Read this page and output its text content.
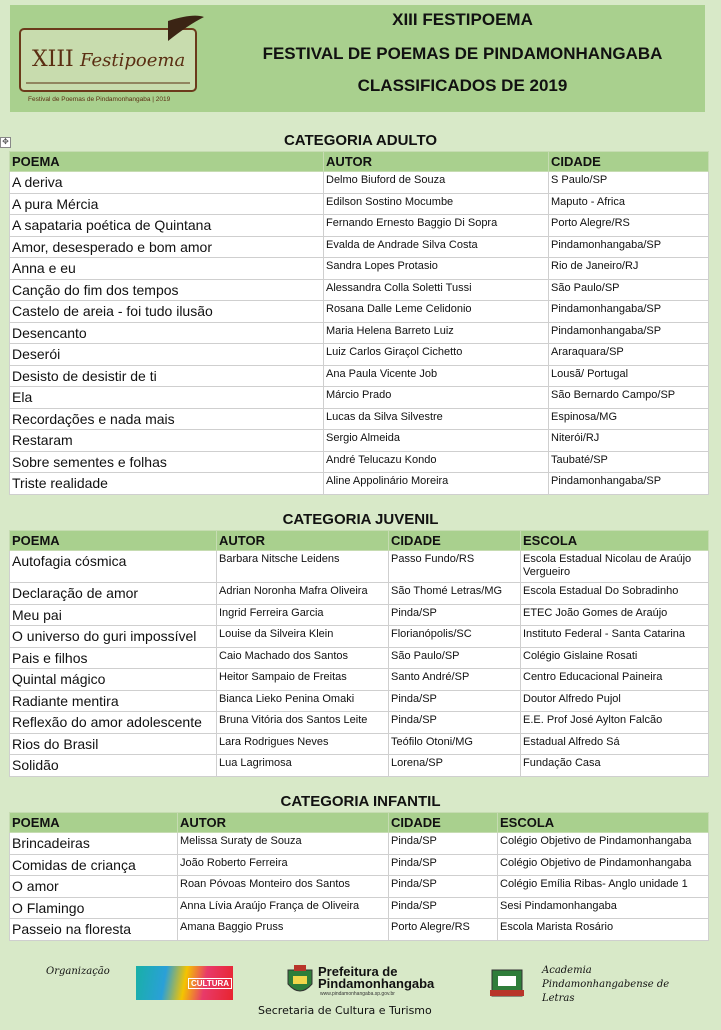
XIII Festipoema
Festival de Poemas de Pindamonhangaba | 2019
XIII FESTIPOEMA
FESTIVAL DE POEMAS DE PINDAMONHANGABA
CLASSIFICADOS DE 2019
✥	CATEGORIA ADULTO
POEMA	AUTOR	CIDADE
A deriva	Delmo Biuford de Souza	S Paulo/SP
A pura Mércia	Edilson Sostino Mocumbe	Maputo - Africa
A sapataria poética de Quintana	Fernando Ernesto Baggio Di Sopra	Porto Alegre/RS
Amor, desesperado e bom amor	Evalda de Andrade Silva Costa	Pindamonhangaba/SP
Anna e eu	Sandra Lopes Protasio	Rio de Janeiro/RJ
Canção do fim dos tempos	Alessandra Colla Soletti Tussi	São Paulo/SP
Castelo de areia - foi tudo ilusão	Rosana Dalle Leme Celidonio	Pindamonhangaba/SP
Desencanto	Maria Helena Barreto Luiz	Pindamonhangaba/SP
Deserói	Luiz Carlos Giraçol Cichetto	Araraquara/SP
Desisto de desistir de ti	Ana Paula Vicente Job	Lousã/ Portugal
Ela	Márcio Prado	São Bernardo Campo/SP
Recordações e nada mais	Lucas da Silva Silvestre	Espinosa/MG
Restaram	Sergio Almeida	Niterói/RJ
Sobre sementes e folhas	André Telucazu Kondo	Taubaté/SP
Triste realidade	Aline Appolinário Moreira	Pindamonhangaba/SP
CATEGORIA JUVENIL
POEMA	AUTOR	CIDADE	ESCOLA
Autofagia cósmica	Barbara Nitsche Leidens	Passo Fundo/RS	Escola Estadual Nicolau de Araújo Vergueiro
Declaração de amor	Adrian Noronha Mafra Oliveira	São Thomé Letras/MG	Escola Estadual Do Sobradinho
Meu pai	Ingrid Ferreira Garcia	Pinda/SP	ETEC João Gomes de Araújo
O universo do guri impossível	Louise da Silveira Klein	Florianópolis/SC	Instituto Federal - Santa Catarina
Pais e filhos	Caio Machado dos Santos	São Paulo/SP	Colégio Gislaine Rosati
Quintal mágico	Heitor Sampaio de Freitas	Santo André/SP	Centro Educacional Paineira
Radiante mentira	Bianca Lieko Penina Omaki	Pinda/SP	Doutor Alfredo Pujol
Reflexão do amor adolescente	Bruna Vitória dos Santos Leite	Pinda/SP	E.E. Prof José Aylton Falcão
Rios do Brasil	Lara Rodrigues Neves	Teófilo Otoni/MG	Estadual Alfredo Sá
Solidão	Lua Lagrimosa	Lorena/SP	Fundação Casa
CATEGORIA INFANTIL
POEMA	AUTOR	CIDADE	ESCOLA
Brincadeiras	Melissa Suraty de Souza	Pinda/SP	Colégio Objetivo de Pindamonhangaba
Comidas de criança	João Roberto Ferreira	Pinda/SP	Colégio Objetivo de Pindamonhangaba
O amor	Roan Póvoas Monteiro dos Santos	Pinda/SP	Colégio Emília Ribas- Anglo unidade 1
O Flamingo	Anna Lívia Araújo França de Oliveira	Pinda/SP	Sesi Pindamonhangaba
Passeio na floresta	Amana Baggio Pruss	Porto Alegre/RS	Escola Marista Rosário
Organização
CULTURA
Prefeitura de Pindamonhangaba
www.pindamonhangaba.sp.gov.br
Secretaria de Cultura e Turismo
Academia
Pindamonhangabense de
Letras
